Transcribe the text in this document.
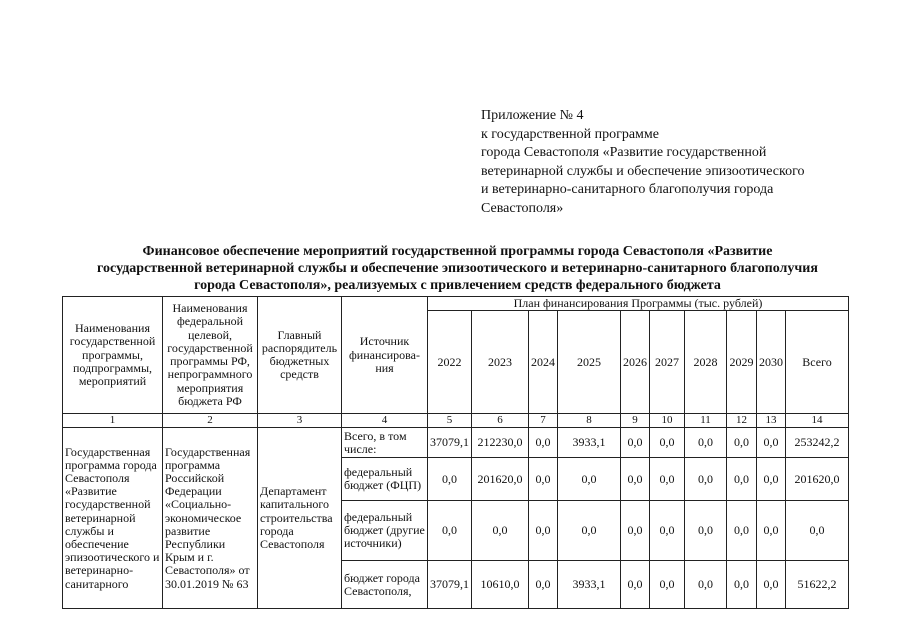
Приложение № 4
к государственной программе
города Севастополя «Развитие государственной
ветеринарной службы и обеспечение эпизоотического
и ветеринарно-санитарного благополучия города
Севастополя»
Финансовое обеспечение мероприятий государственной программы города Севастополя «Развитие
государственной ветеринарной службы и обеспечение эпизоотического и ветеринарно-санитарного благополучия
города Севастополя», реализуемых с привлечением средств федерального бюджета
Наименования государственной программы, подпрограммы, мероприятий	Наименования федеральной целевой, государственной программы РФ, непрограммного мероприятия бюджета РФ	Главный распорядитель бюджетных средств	Источник финансирова-ния	План финансирования Программы (тыс. рублей)									
				2022	2023	2024	2025	2026	2027	2028	2029	2030	Всего
1	2	3	4	5	6	7	8	9	10	11	12	13	14
Государственная программа города Севастополя «Развитие государственной ветеринарной службы и обеспечение эпизоотического и ветеринарно-санитарного	Государственная программа Российской Федерации «Социально-экономическое развитие Республики Крым и г. Севастополя» от 30.01.2019 № 63	Департамент капитального строительства города Севастополя	Всего, в том числе:	37079,1	212230,0	0,0	3933,1	0,0	0,0	0,0	0,0	0,0	253242,2
			федеральный бюджет (ФЦП)	0,0	201620,0	0,0	0,0	0,0	0,0	0,0	0,0	0,0	201620,0
			федеральный бюджет (другие источники)	0,0	0,0	0,0	0,0	0,0	0,0	0,0	0,0	0,0	0,0
			бюджет города Севастополя,	37079,1	10610,0	0,0	3933,1	0,0	0,0	0,0	0,0	0,0	51622,2
